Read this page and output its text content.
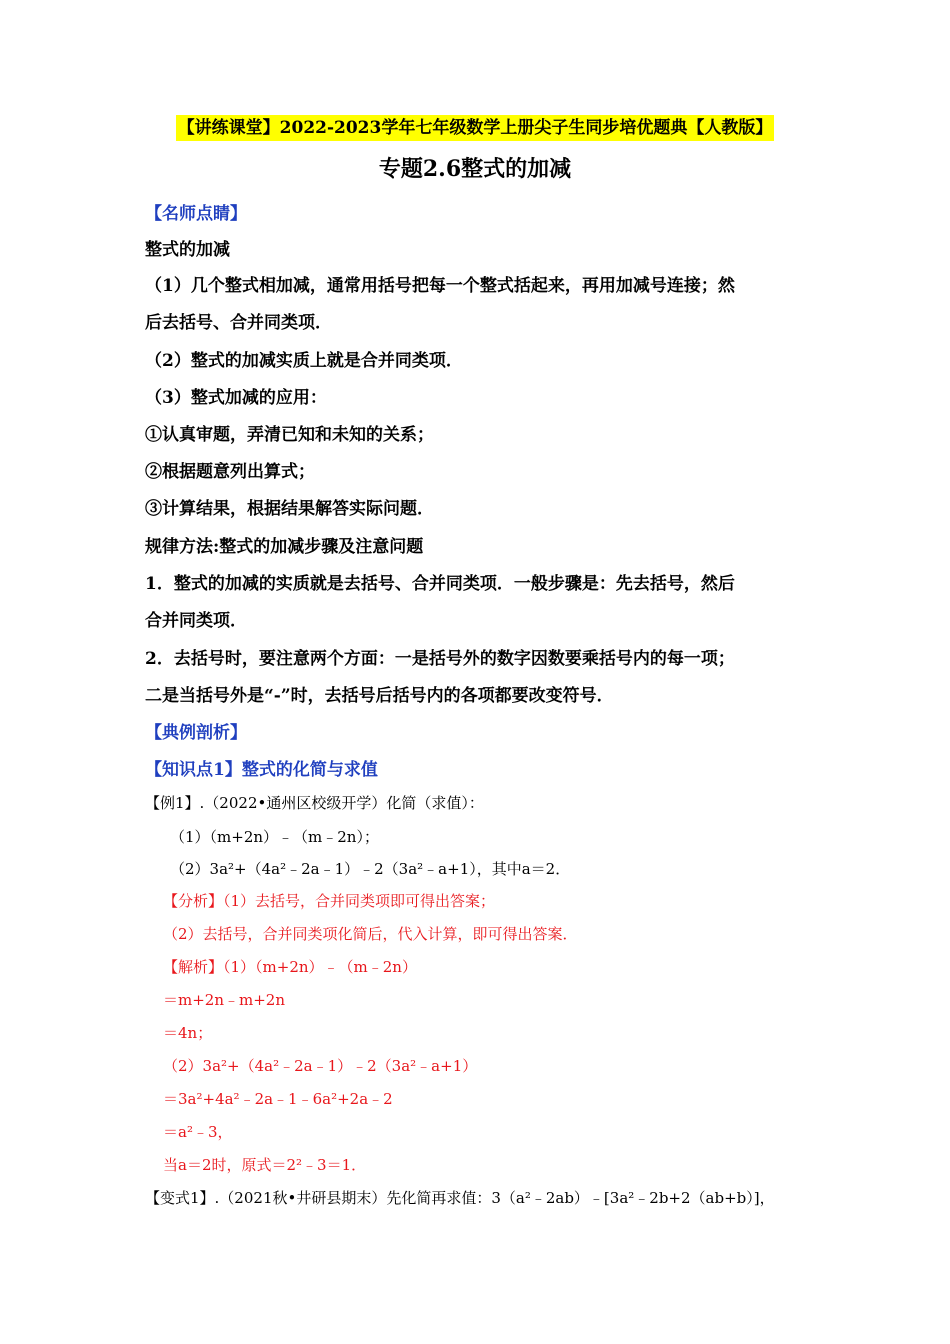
【讲练课堂】2022-2023学年七年级数学上册尖子生同步培优题典【人教版】
专题2.6整式的加减
【名师点睛】
整式的加减
（1）几个整式相加减，通常用括号把每一个整式括起来，再用加减号连接；然
后去括号、合并同类项．
（2）整式的加减实质上就是合并同类项．
（3）整式加减的应用：
①认真审题，弄清已知和未知的关系；
②根据题意列出算式；
③计算结果，根据结果解答实际问题．
规律方法:整式的加减步骤及注意问题
1．整式的加减的实质就是去括号、合并同类项．一般步骤是：先去括号，然后
合并同类项．
2．去括号时，要注意两个方面：一是括号外的数字因数要乘括号内的每一项；
二是当括号外是“-”时，去括号后括号内的各项都要改变符号．
【典例剖析】
【知识点1】整式的化简与求值
【例1】.（2022•通州区校级开学）化简（求值）：
（1）（m+2n）﹣（m﹣2n）；
（2）3a²+（4a²﹣2a﹣1）﹣2（3a²﹣a+1），其中a＝2．
【分析】（1）去括号，合并同类项即可得出答案；
（2）去括号，合并同类项化简后，代入计算，即可得出答案．
【解析】（1）（m+2n）﹣（m﹣2n）
＝m+2n﹣m+2n
＝4n；
（2）3a²+（4a²﹣2a﹣1）﹣2（3a²﹣a+1）
＝3a²+4a²﹣2a﹣1﹣6a²+2a﹣2
＝a²﹣3，
当a＝2时，原式＝2²﹣3＝1．
【变式1】.（2021秋•井研县期末）先化简再求值：3（a²﹣2ab）﹣[3a²﹣2b+2（ab+b）]，
